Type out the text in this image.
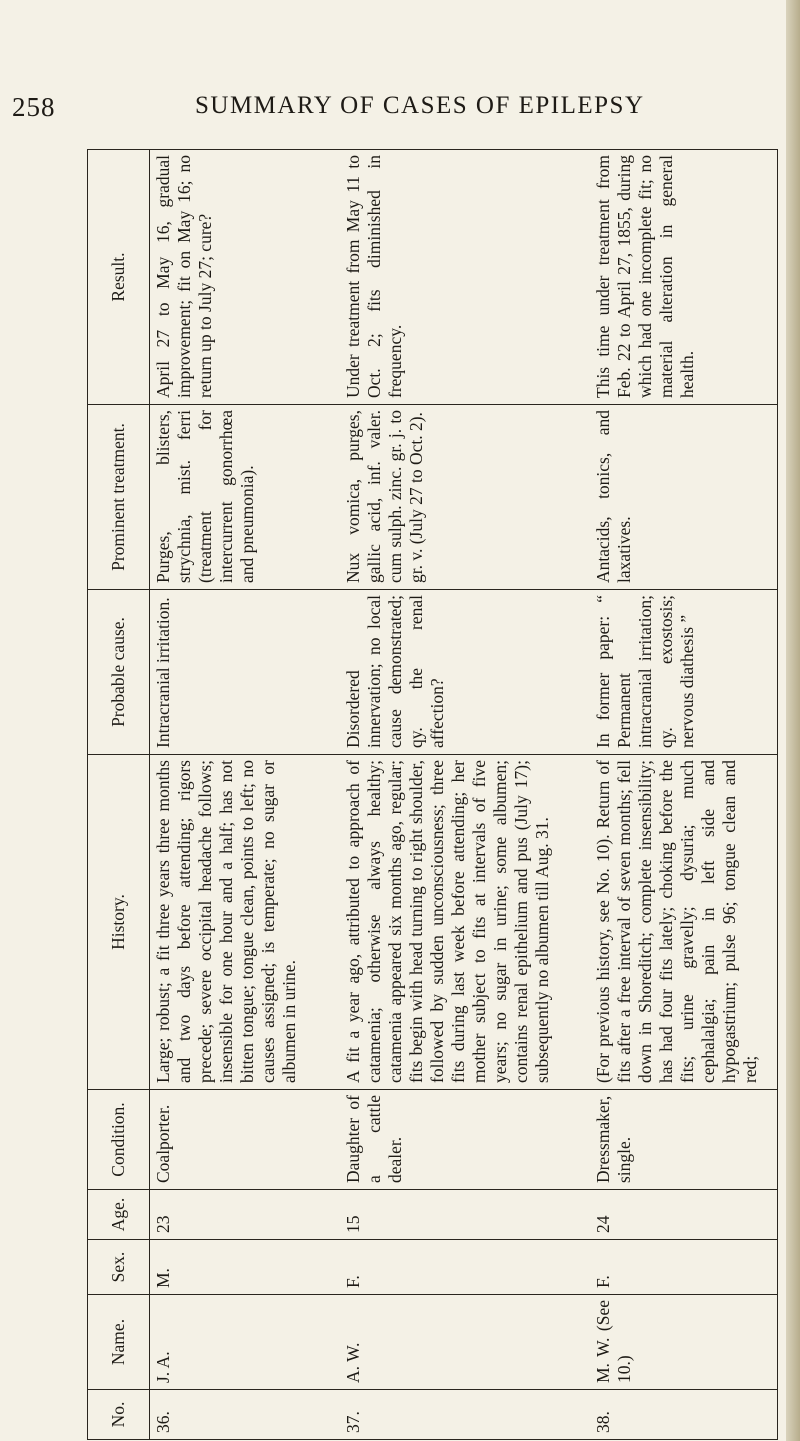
258	SUMMARY OF CASES OF EPILEPSY
No.	Name.	Sex.	Age.	Condition.	History.	Probable cause.	Prominent treatment.	Result.
36.	J. A.	M.	23	Coalporter.	Large; robust; a fit three years three months and two days before attending; rigors precede; severe occipital headache follows; insensible for one hour and a half; has not bitten tongue; tongue clean, points to left; no causes assigned; is temperate; no sugar or albumen in urine.	Intracranial irritation.	Purges, blisters, strychnia, mist. ferri (treatment for intercurrent gonorrhœa and pneumonia).	April 27 to May 16, gradual improvement; fit on May 16; no return up to July 27; cure?
37.	A. W.	F.	15	Daughter of a cattle dealer.	A fit a year ago, attributed to approach of catamenia; otherwise always healthy; catamenia appeared six months ago, regular; fits begin with head turning to right shoulder, followed by sudden unconsciousness; three fits during last week before attending; her mother subject to fits at intervals of five years; no sugar in urine; some albumen; contains renal epithelium and pus (July 17); subsequently no albumen till Aug. 31.	Disordered innervation; no local cause demonstrated; qy. the renal affection?	Nux vomica, purges, gallic acid, inf. valer. cum sulph. zinc. gr. j. to gr. v. (July 27 to Oct. 2).	Under treatment from May 11 to Oct. 2; fits diminished in frequency.
38.	M. W. (See 10.)	F.	24	Dressmaker, single.	(For previous history, see No. 10). Return of fits after a free interval of seven months; fell down in Shoreditch; complete insensibility; has had four fits lately; choking before the fits; urine gravelly; dysuria; much cephalalgia; pain in left side and hypogastrium; pulse 96; tongue clean and red;	In former paper: “ Permanent intracranial irritation; qy. exostosis; nervous diathesis ”	Antacids, tonics, and laxatives.	This time under treatment from Feb. 22 to April 27, 1855, during which had one incomplete fit; no material alteration in general health.
